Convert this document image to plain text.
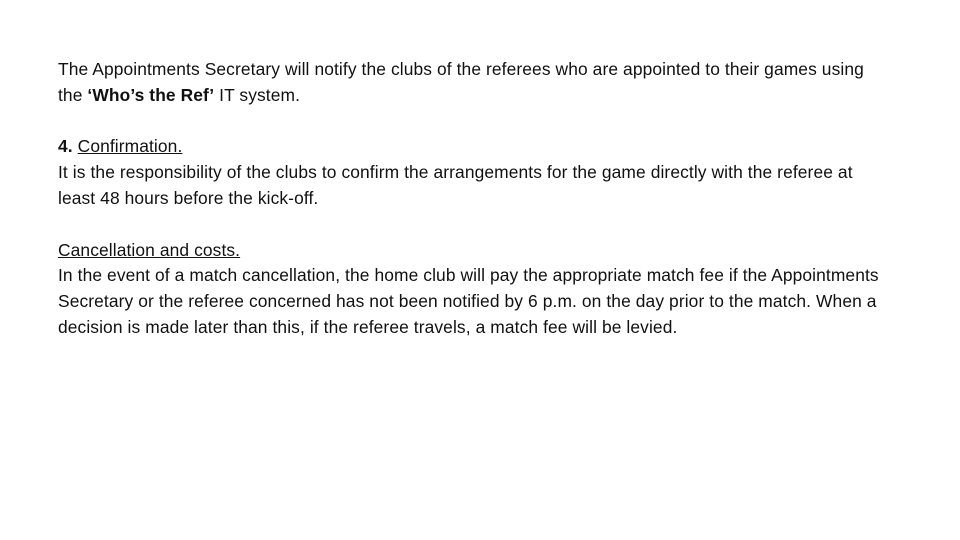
The Appointments Secretary will notify the clubs of the referees who are appointed to their games using the ‘Who’s the Ref’ IT system.

4. Confirmation.

It is the responsibility of the clubs to confirm the arrangements for the game directly with the referee at least 48 hours before the kick-off.

Cancellation and costs.

In the event of a match cancellation, the home club will pay the appropriate match fee if the Appointments Secretary or the referee concerned has not been notified by 6 p.m. on the day prior to the match. When a decision is made later than this, if the referee travels, a match fee will be levied.
